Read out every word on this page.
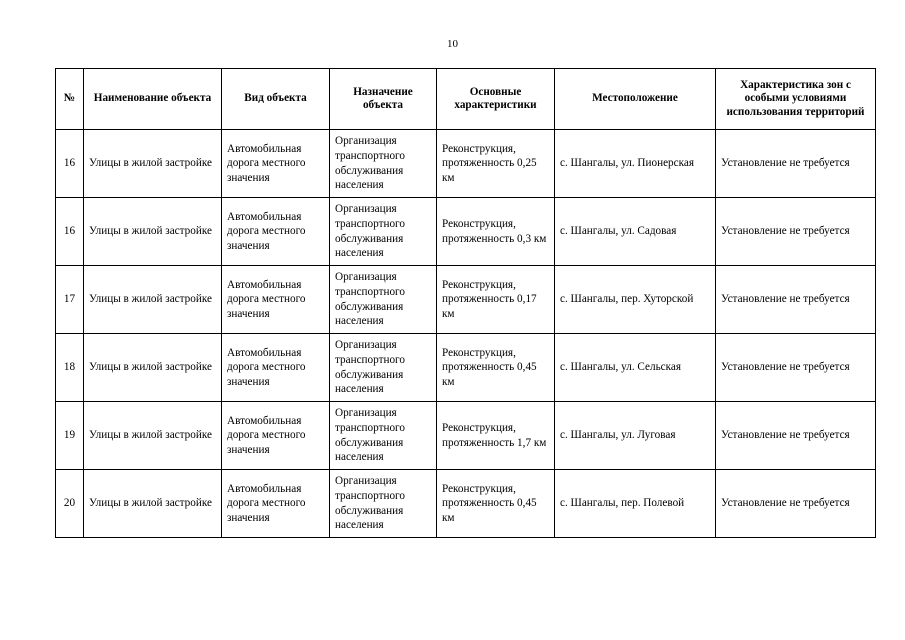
10
№	Наименование объекта	Вид объекта	Назначение объекта	Основные характеристики	Местоположение	Характеристика зон с особыми условиями использования территорий
16	Улицы в жилой застройке	Автомобильная дорога местного значения	Организация транспортного обслуживания населения	Реконструкция, протяженность 0,25 км	с. Шангалы, ул. Пионерская	Установление не требуется
16	Улицы в жилой застройке	Автомобильная дорога местного значения	Организация транспортного обслуживания населения	Реконструкция, протяженность 0,3 км	с. Шангалы, ул. Садовая	Установление не требуется
17	Улицы в жилой застройке	Автомобильная дорога местного значения	Организация транспортного обслуживания населения	Реконструкция, протяженность 0,17 км	с. Шангалы, пер. Хуторской	Установление не требуется
18	Улицы в жилой застройке	Автомобильная дорога местного значения	Организация транспортного обслуживания населения	Реконструкция, протяженность 0,45 км	с. Шангалы, ул. Сельская	Установление не требуется
19	Улицы в жилой застройке	Автомобильная дорога местного значения	Организация транспортного обслуживания населения	Реконструкция, протяженность 1,7 км	с. Шангалы, ул. Луговая	Установление не требуется
20	Улицы в жилой застройке	Автомобильная дорога местного значения	Организация транспортного обслуживания населения	Реконструкция, протяженность 0,45 км	с. Шангалы, пер. Полевой	Установление не требуется
